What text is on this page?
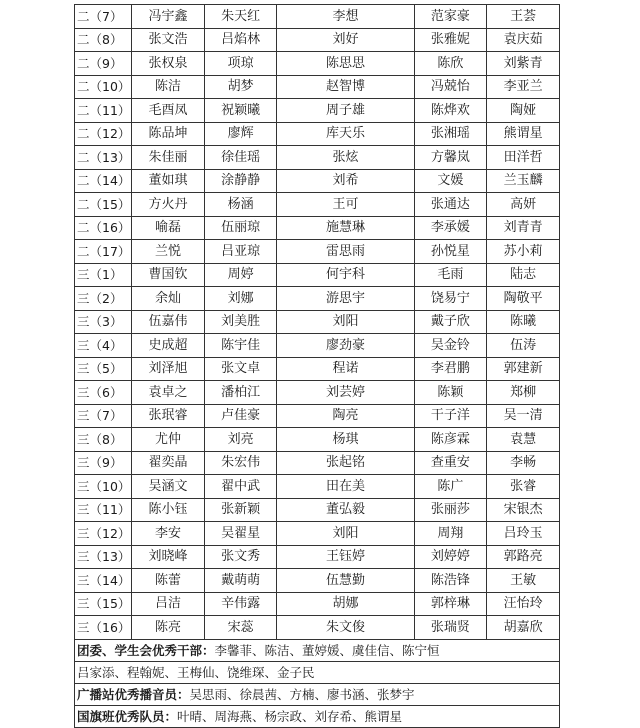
二（7）	冯宇鑫	朱天红	李想	范家豪	王荟
二（8）	张文浩	吕焰林	刘好	张雅妮	袁庆茹
二（9）	张权泉	项琼	陈思思	陈欣	刘紫青
二（10）	陈洁	胡梦	赵智博	冯兢怡	李亚兰
二（11）	毛酉凤	祝颖曦	周子雄	陈烨欢	陶娅
二（12）	陈品坤	廖辉	库天乐	张湘瑶	熊谓星
二（13）	朱佳丽	徐佳瑶	张炫	方馨岚	田洋哲
二（14）	董如琪	涂静静	刘希	文媛	兰玉麟
二（15）	方火丹	杨涵	王可	张通达	高妍
二（16）	喻磊	伍丽琼	施慧琳	李承媛	刘青青
二（17）	兰悦	吕亚琼	雷思雨	孙悦星	苏小莉
三（1）	曹国钦	周婷	何宇科	毛雨	陆志
三（2）	余灿	刘娜	游思宇	饶易宁	陶敬平
三（3）	伍嘉伟	刘美胜	刘阳	戴子欣	陈曦
三（4）	史成超	陈宇佳	廖劲豪	吴金铃	伍涛
三（5）	刘泽旭	张文卓	程诺	李君鹏	郭建新
三（6）	袁卓之	潘柏江	刘芸婷	陈颖	郑柳
三（7）	张珉睿	卢佳豪	陶亮	干子洋	吴一清
三（8）	尤仲	刘亮	杨琪	陈彦霖	袁慧
三（9）	翟奕晶	朱宏伟	张起铭	查重安	李畅
三（10）	吴涵文	翟中武	田在美	陈广	张睿
三（11）	陈小钰	张新颖	董弘毅	张丽莎	宋银杰
三（12）	李安	吴翟星	刘阳	周翔	吕玲玉
三（13）	刘晓峰	张文秀	王钰婷	刘婷婷	郭路亮
三（14）	陈蕾	戴萌萌	伍慧勤	陈浩锋	王敏
三（15）	吕洁	辛伟露	胡娜	郭梓琳	汪怡玲
三（16）	陈亮	宋蕊	朱文俊	张瑞贤	胡嘉欣
团委、学生会优秀干部：李馨菲、陈洁、董婷媛、虞佳信、陈宁恒
吕家添、程翰妮、王梅仙、饶维琛、金子民
广播站优秀播音员：吴思雨、徐晨茜、方楠、廖书涵、张梦宇
国旗班优秀队员：叶晴、周海燕、杨宗政、刘存希、熊谓星
